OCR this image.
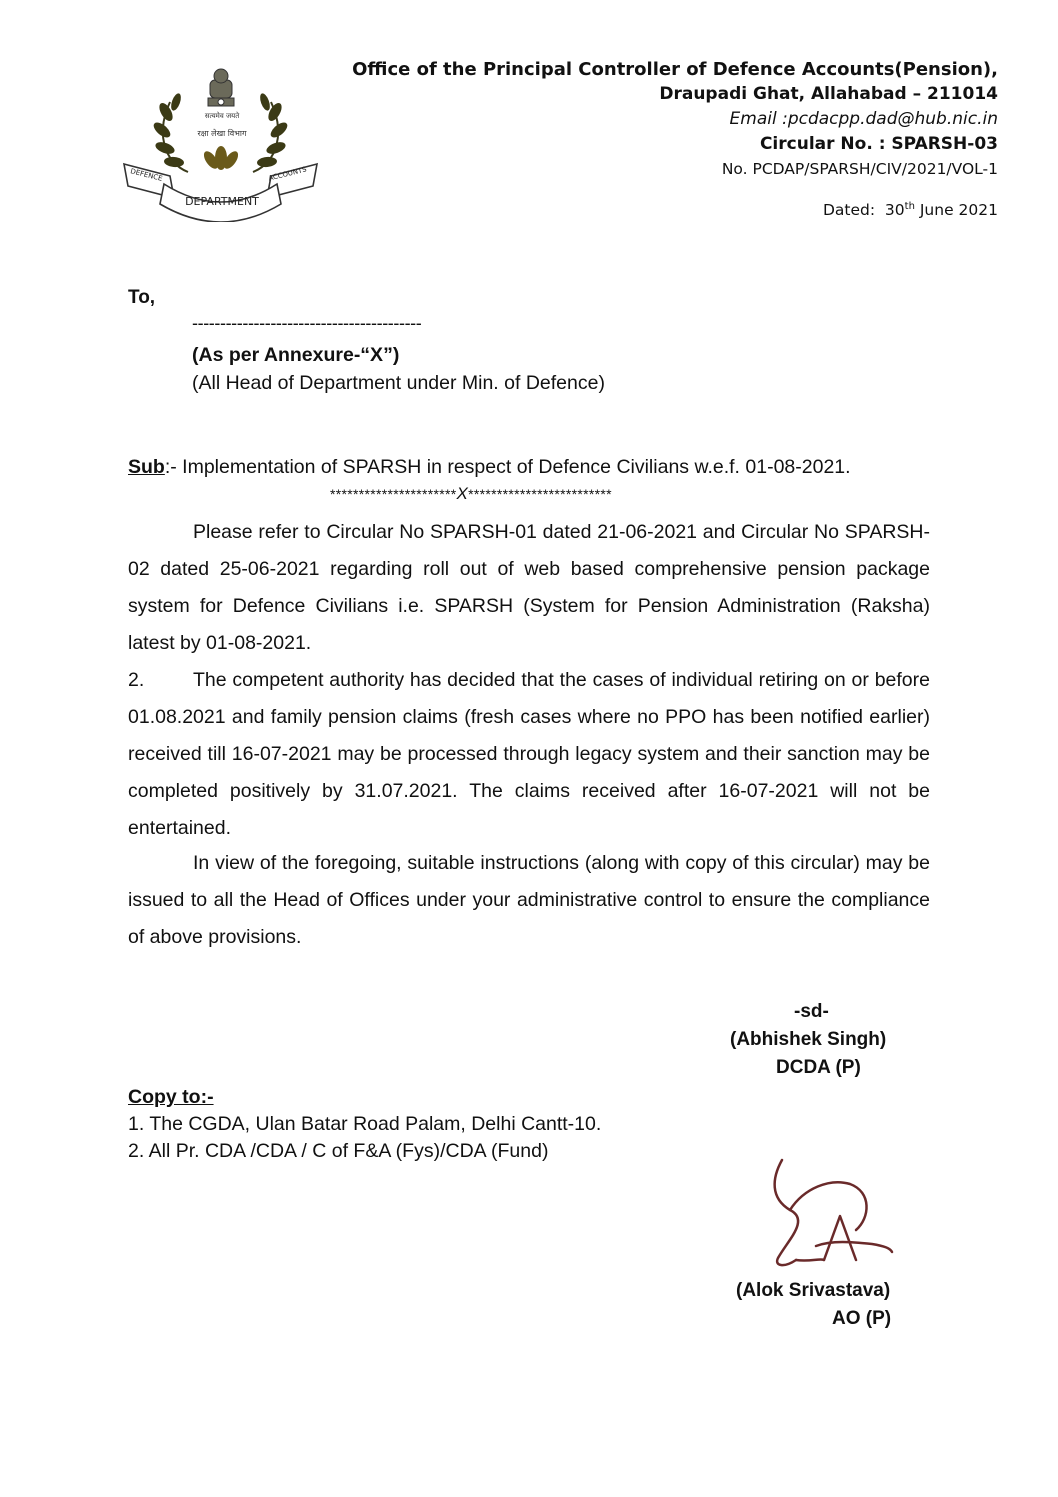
सत्यमेव जयते
रक्षा लेखा विभाग
DEFENCE
DEPARTMENT
ACCOUNTS
Office of the Principal Controller of Defence Accounts(Pension),
Draupadi Ghat, Allahabad – 211014
Email :pcdacpp.dad@hub.nic.in
Circular No. : SPARSH-03
No. PCDAP/SPARSH/CIV/2021/VOL-1
Dated: 30th June 2021
To,
-----------------------------------------
(As per Annexure-“X”)
(All Head of Department under Min. of Defence)
Sub:- Implementation of SPARSH in respect of Defence Civilians w.e.f. 01-08-2021.
**********************X*************************
Please refer to Circular No SPARSH-01 dated 21-06-2021 and Circular No SPARSH-02 dated 25-06-2021 regarding roll out of web based comprehensive pension package system for Defence Civilians i.e. SPARSH (System for Pension Administration (Raksha) latest by 01-08-2021.
2. The competent authority has decided that the cases of individual retiring on or before 01.08.2021 and family pension claims (fresh cases where no PPO has been notified earlier) received till 16-07-2021 may be processed through legacy system and their sanction may be completed positively by 31.07.2021. The claims received after 16-07-2021 will not be entertained.
In view of the foregoing, suitable instructions (along with copy of this circular) may be issued to all the Head of Offices under your administrative control to ensure the compliance of above provisions.
-sd-
(Abhishek Singh)
DCDA (P)
Copy to:-
1. The CGDA, Ulan Batar Road Palam, Delhi Cantt-10.
2. All Pr. CDA /CDA / C of F&A (Fys)/CDA (Fund)
(Alok Srivastava)
AO (P)
